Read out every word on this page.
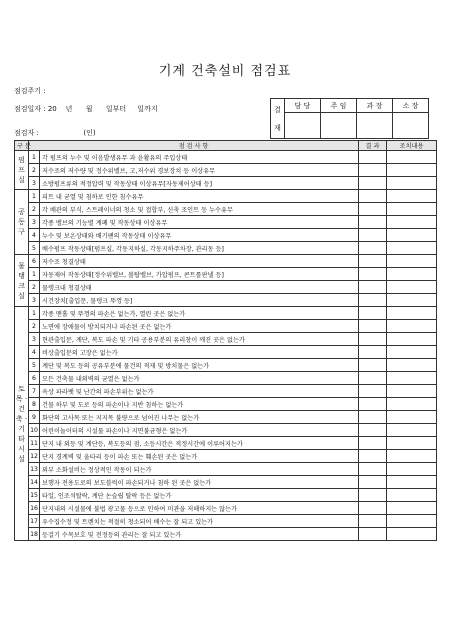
기계 건축설비 점검표
점검주기 :
점검일자 : 20    년      월      일부터     일까지
점검자 :                    (인)
결
재	담 당	주 임	과 장	소 장

구 분	점 검 사 항		결 과	조치내용
펌프실	1	각 펌프의 누수 및 이음발생유무 과 윤활유의 주입상태		
	2	저수조의 저수량 및 정수위밸브, 고,저수위 경보장치 등 이상유무		
	3	소방펌프류의 적정압력 및 작동상태 이상유무[자동제어상태 등]		
공동구	1	피트 내 균열 및 침하로 인한 침수유무		
	2	각 배관의 부식, 스트레이너의 청소 및 접합부, 신축 조인트 등 누수유무		
	3	각종 밸브의 기능별 계폐 및 작동상태 이상유무		
	4	누수 및 보온상태와 배기팬의 작동상태 이상유무		
	5	배수펌프 작동상태[펌프실, 각동지하실, 각동지하주차장, 관리동 등]		
물탱크실	6	저수조 청결상태		
	1	자동제어 작동상태[정수위밸브, 볼탑밸브, 가압펌프, 콘트롤판넬 등]		
	2	물탱크내 청결상태		
	3	시건장치[출입문, 물탱크 뚜껑 등]		
토목 · 건축 · 기타시설	1	각종 맨홀 및 뚜껑의 파손은 없는가, 열린 곳은 없는가		
	2	노면에 장애물이 방치되거나 파손된 곳은 없는가		
	3	현관출입문, 계단, 복도 파손 및 기타 공용부분의 유리창이 깨진 곳은 없는가		
	4	비상출입문의 고장은 없는가		
	5	계단 및 복도 등의 공유부분에 물건의 적재 및 방치물은 없는가		
	6	모든 건축물 내외벽의 균열은 없는가		
	7	옥상 파라펫 및 난간의 파손부위는 없는가		
	8	건물 하부 및 도로 등의 파손이나 지반 침하는 없는가		
	9	화단의 고사목 또는 지지목 불량으로 넘어진 나무는 없는가		
	10	어린이놀이터의 시설물 파손이나 지면불균형은 없는가		
	11	단지 내 외등 및 계단등, 복도등의 점, 소등시간은 적정시간에 이루어지는가		
	12	단지 경계벽 및 울타리 등이 파손 또는 훼손된 곳은 없는가		
	13	외부 소화설비는 정상적인 작동이 되는가		
	14	보행자 전용도로의 보도블럭이 파손되거나 침하 된 곳은 없는가		
	15	타일, 인조석탈락, 계단 논슬립 탈락 등은 없는가		
	16	단지내의 시설물에 불법 광고물 등으로 인하여 미관을 저해하지는 않는가		
	17	우수집수정 및 트렌치는 적절히 청소되어 배수는 잘 되고 있는가		
	18	등걸기 수목보호 및 전정등의 관리는 잘 되고 있는가		
